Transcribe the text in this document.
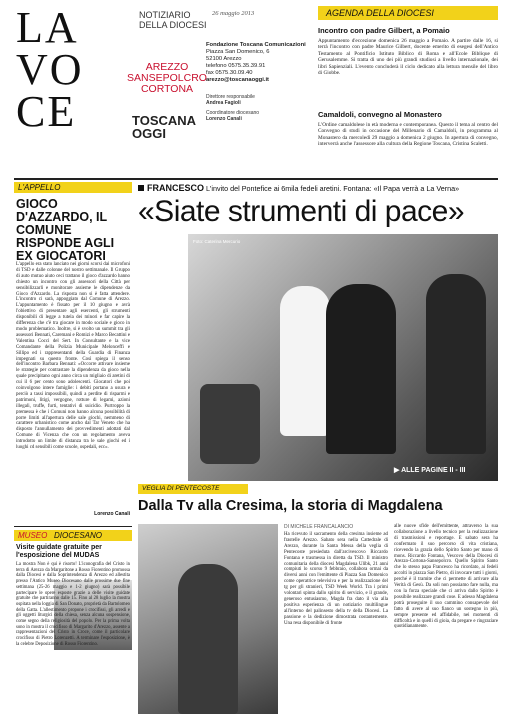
LA
VO
CE
NOTIZIARIO
DELLA DIOCESI
26 maggio 2013
AREZZO
SANSEPOLCRO
CORTONA
TOSCANA
OGGI
Fondazione Toscana Comunicazioni
Piazza San Domenico, 6
52100 Arezzo
telefono 0575.35.39.91
fax 0575.30.09.40
arezzo@toscanaoggi.it
Direttore responsabile
Andrea Fagioli
Coordinatore diocesano
Lorenzo Canali
AGENDA DELLA DIOCESI
Incontro con padre Gilbert, a Pomaio
Appuntamento d'eccezione domenica 26 maggio a Pomaio. A partire dalle 16, si terrà l'incontro con padre Maurice Gilbert, docente emerito di esegesi dell'Antico Testamento al Pontificio Istituto Biblico di Roma e all'Ecole Biblique di Gerusalemme. Si tratta di uno dei più grandi studiosi a livello internazionale, dei libri Sapienziali. L'evento concluderà il ciclo dedicato alla lettura mensile del libro di Giobbe.
Camaldoli, convegno al Monastero
L'Ordine camaldolese in età moderna e contemporanea. Questo il tema al centro del Convegno di studi in occasione del Millenario di Camaldoli, in programma al Monastero da mercoledì 29 maggio a domenica 2 giugno. In apertura di convegno, interverrà anche l'assessore alla cultura della Regione Toscana, Cristina Scaletti.
L'APPELLO
GIOCO D'AZZARDO, IL COMUNE RISPONDE AGLI EX GIOCATORI
L'appello era stato lanciato nei giorni scorsi dai microfoni di TSD e dalle colonne del nostro settimanale. Il Gruppo di auto mutuo aiuto ceci trattano il gioco d'azzardo hanno chiesto un incontro con gli assessori della Città per sensibilizzarli e monitorare assieme le dipendenze da Gioco d'Azzardo. La risposta non si è fatta attendere. L'incontro ci sarà, appoggiato dal Comune di Arezzo. L'appuntamento è fissato per il 10 giugno e avrà l'obiettivo di presentare agli esercenti, gli strumenti disponibili di legge a tutela dei minori e far capire la differenza che c'è tra giocare in modo sociale e gioco in modo problematico. Inoltre, si è svolto un summit tra gli assessori Bennati, Caremani e Romizi e Marco Becattini e Valentina Cocci del Sert. In Consultante e la vice Comandante della Polizia Municipale Melonceffi e Sillipo ed i rappresentanti della Guardia di Finanza impegnati su questo fronte. Così spiega il senso dell'incontro Barbara Bennati: «Occorre attivare insieme le strategie per contrastare la dipendenza da gioco nella quale precipitano ogni anno circa un migliaio di aretini di cui il 6 per cento sono adolescenti. Giocatori che poi coinvolgono intere famiglie: i debiti portano a usura e perciò a tassi impossibili, quindi a perdite di risparmi e patrimoni, litigi, vergogne, rotture di legami, azioni illegali, truffe, furti, tentativi di suicidio. Purtroppo la premessa è che i Comuni non hanno alcuna possibilità di porre limiti all'apertura delle sale giochi, nemmeno di carattere urbanistico come ancho dal Tar Veneto che ha disposto l'annullamento dei provvedimenti adottati dal Comune di Vicenza che con un regolamento aveva introdotto un limite di distanza tra le sale giochi ed i luoghi cd sensibili come scuole, ospedali, ecc».
Lorenzo Canali
FRANCESCO L'invito del Pontefice ai 6mila fedeli aretini. Fontana: «Il Papa verrà a La Verna»
«Siate strumenti di pace»
Foto: Caterina Mercurio
▶ ALLE PAGINE II - III
MUSEO DIOCESANO
Visite guidate gratuite per l'esposizione del MUDAS
La mostra Non è qui è risorto! L'iconografia del Cristo in terra di Arezzo da Margaritone a Rosso Fiorentino promossa dalla Diocesi e dalla Soprintendenza di Arezzo ed allestita presso l'Antico Museo Diocesano dalle prossime due fine settimana (25-26 maggio e 1-2 giugno) sarà possibile partecipare le opere esposte grazie a delle visite guidate gratuite che partiranno dalle 15. Fino al 28 luglio la mostra ospitata nella loggia di San Donato, proprietà da Bartolomeo della Gatta. L'allestimento propone i crocifissi, gli arredi e gli oggetti liturgici della chiesa, senza alcuna sospensione, come segno della religiosità del popolo. Per la prima volta sono in mostra il crocifisso di Margarito d'Arezzo, assente a rappresentazioni del Cristo in Croce, come il particolare crocifisso di Pietro Lorenzetti. A terminare l'esposizione, è la celebre Deposizione di Rosso Fiorentino.
VEGLIA DI PENTECOSTE
Dalla Tv alla Cresima, la storia di Magdalena
DI MICHELE FRANCALANCIO
Ha ricevuto il sacramento della cresima insieme ad frastelle Arezzo. Sabato sera nella Cattedrale di Arezzo, durante la Santa Messa della veglia di Pentecoste presieduta dall'arcivescovo Riccardo Fontana e trasmessa in diretta da TSD. Il ministro comunitaria della diocesi Magdalena Ulibk, 21 anni compiuti lo scorso 9 febbraio, collabora ormai da diversi anni con l'emittente di Piazza San Domenico come operatrice televisiva e per la realizzazione del tg per gli stranieri, TSD Week World. Tra i primi volontari spinta dallo spirito di servizio, e il grande, generoso entusiasmo, Magda fra dato il via alla positiva esperienza di un notiziario multilingue all'interno del palinsesto della tv della Diocesi. La passione e la dedizione dimostrata costantemente. Una resa disponibile di fronte
alle nuove sfide dell'emittente, attraverso la sua collaborazione a livello tecnico per la realizzazione di trasmissioni e reportage. E sabato sera ha confermato il suo percorso di vita cristiana, ricevendo la grazia dello Spirito Santo per mano di mons. Riccardo Fontana, Vescovo della Diocesi di Arezzo-Cortona-Sansepolcro. Quello Spirito Santo che lo stesso papa Francesco ha ricordato, ai fedeli accolti in piazza San Pietro, di invocare tutti i giorni, perché è il tramite che ci permette di arrivare alla Verità di Gesù. Da soli non possiamo fare nulla, ma con la forza speciale che ci arriva dallo Spirito è possibile realizzare grandi cose. E adesso Magdalena potrà proseguire il suo cammino consapevole del fatto di avere al suo fianco un sostegno in più, sempre presente ed affidabile, nei momenti di difficoltà e in quelli di gioia, da pregare e ringraziare quotidianamente.
